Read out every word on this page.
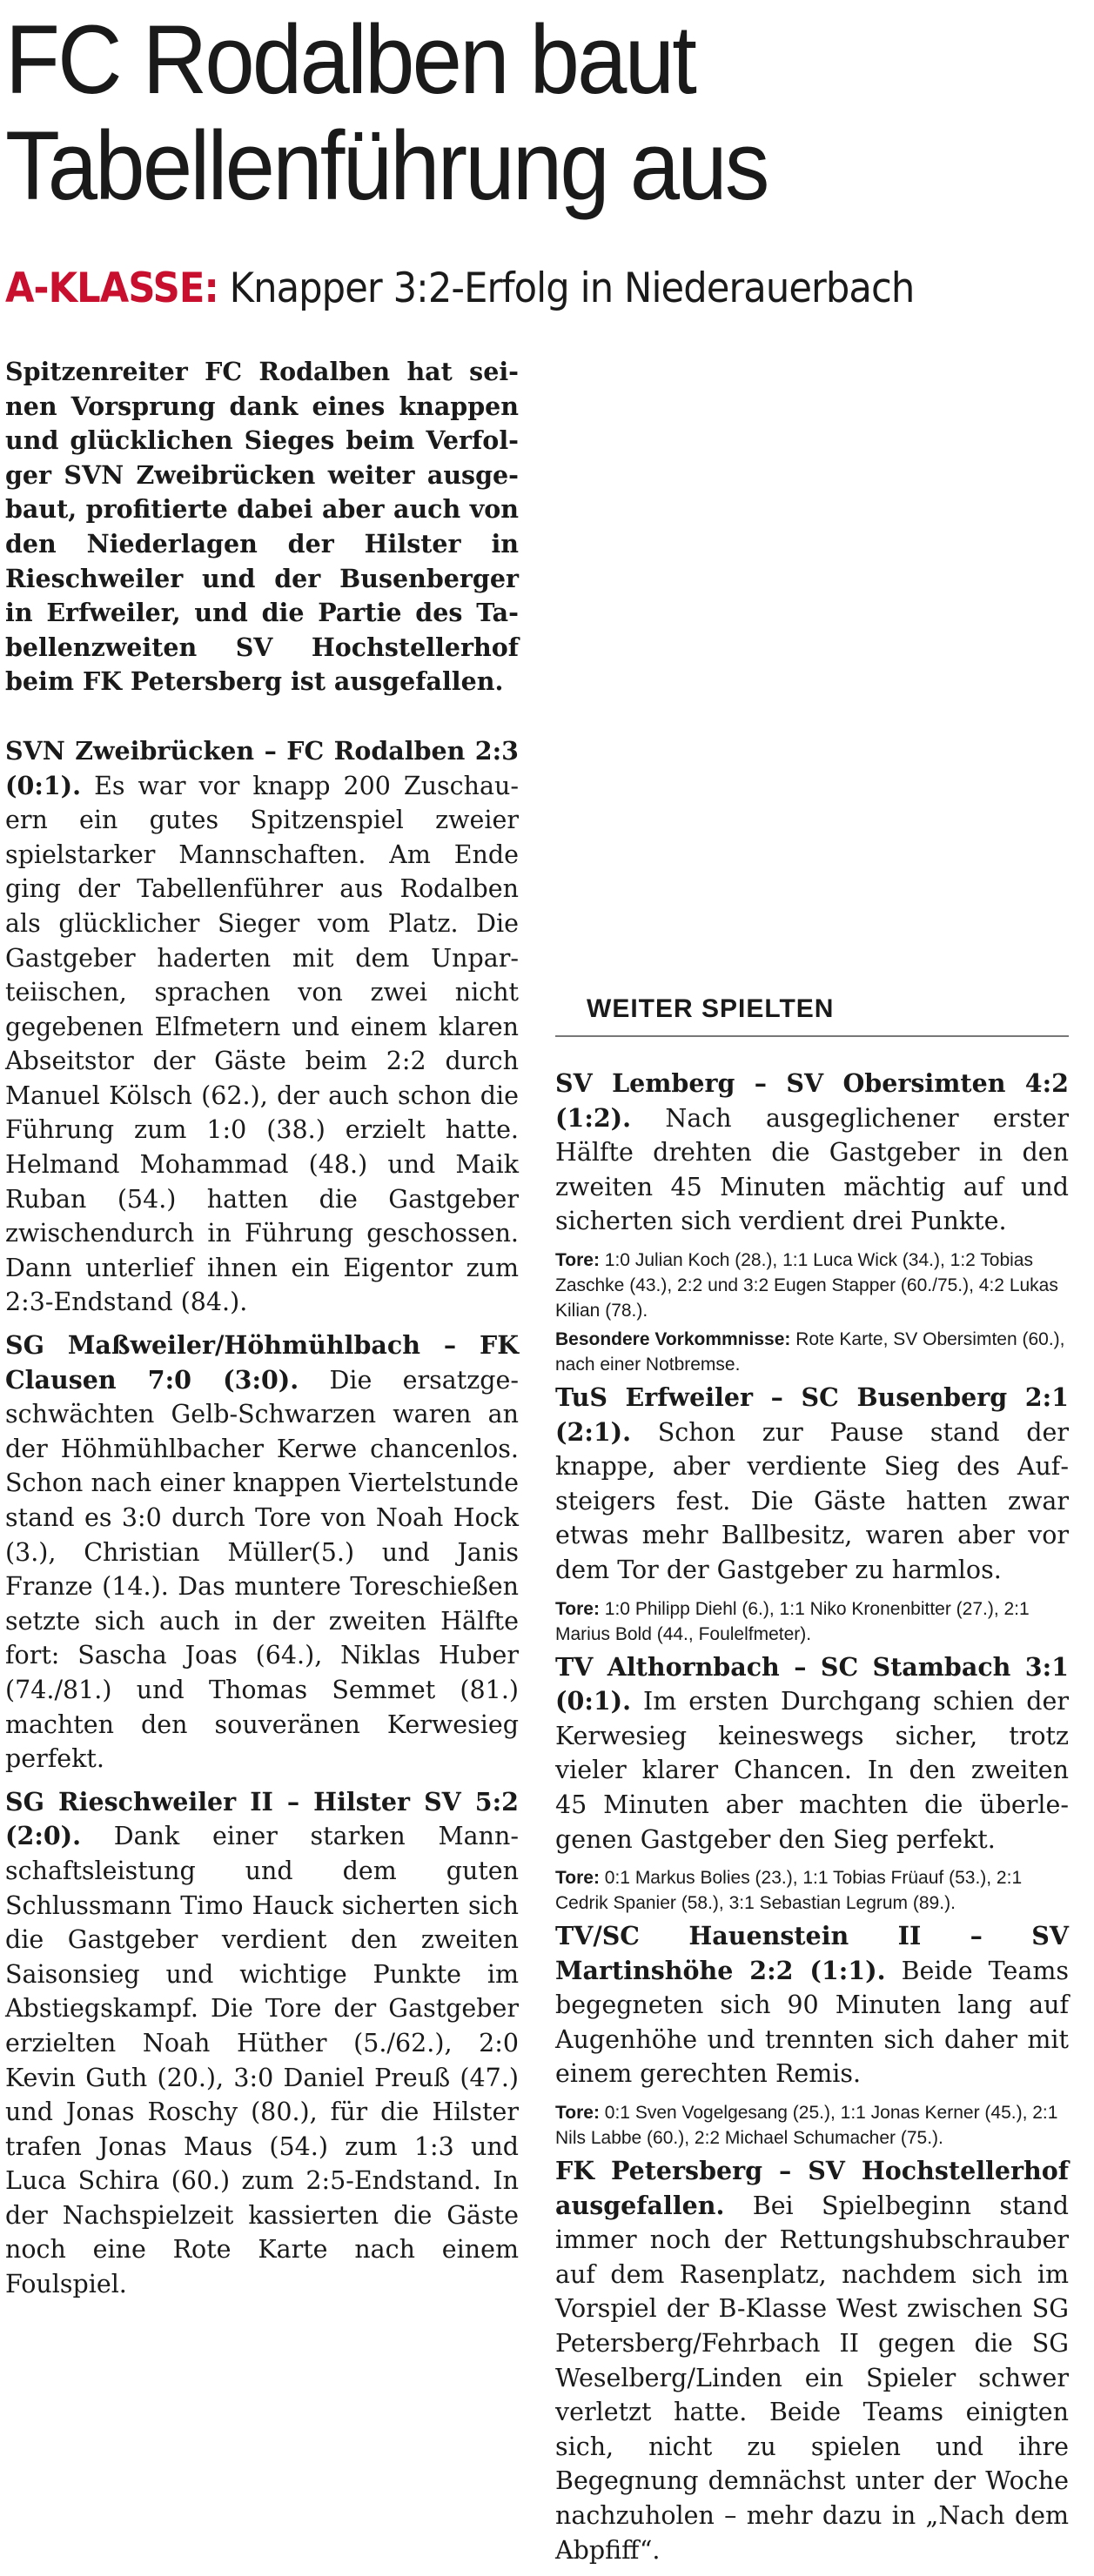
FC Rodalben baut Tabellenführung aus
A-KLASSE: Knapper 3:2-Erfolg in Niederauerbach

Spitzenreiter FC Rodalben hat seinen Vorsprung dank eines knappen und glücklichen Sieges beim Verfolger SVN Zweibrücken weiter ausgebaut, profitierte dabei aber auch von den Niederlagen der Hilster in Rieschweiler und der Busenberger in Erfweiler, und die Partie des Tabellenzweiten SV Hochstellerhof beim FK Petersberg ist ausgefallen.

SVN Zweibrücken – FC Rodalben 2:3 (0:1). Es war vor knapp 200 Zuschauern ein gutes Spitzenspiel zweier spielstarker Mannschaften. Am Ende ging der Tabellenführer aus Rodalben als glücklicher Sieger vom Platz. Die Gastgeber haderten mit dem Unparteiischen, sprachen von zwei nicht gegebenen Elfmetern und einem klaren Abseitstor der Gäste beim 2:2 durch Manuel Kölsch (62.), der auch schon die Führung zum 1:0 (38.) erzielt hatte. Helmand Mohammad (48.) und Maik Ruban (54.) hatten die Gastgeber zwischendurch in Führung geschossen. Dann unterlief ihnen ein Eigentor zum 2:3-Endstand (84.).

SG Maßweiler/Höhmühlbach – FK Clausen 7:0 (3:0). Die ersatzgeschwächten Gelb-Schwarzen waren an der Höhmühlbacher Kerwe chancenlos. Schon nach einer knappen Viertelstunde stand es 3:0 durch Tore von Noah Hock (3.), Christian Müller(5.) und Janis Franze (14.). Das muntere Toreschießen setzte sich auch in der zweiten Hälfte fort: Sascha Joas (64.), Niklas Huber (74./81.) und Thomas Semmet (81.) machten den souveränen Kerwesieg perfekt.

SG Rieschweiler II – Hilster SV 5:2 (2:0). Dank einer starken Mannschaftsleistung und dem guten Schlussmann Timo Hauck sicherten sich die Gastgeber verdient den zweiten Saisonsieg und wichtige Punkte im Abstiegskampf. Die Tore der Gastgeber erzielten Noah Hüther (5./62.), 2:0 Kevin Guth (20.), 3:0 Daniel Preuß (47.) und Jonas Roschy (80.), für die Hilster trafen Jonas Maus (54.) zum 1:3 und Luca Schira (60.) zum 2:5-Endstand. In der Nachspielzeit kassierten die Gäste noch eine Rote Karte nach einem Foulspiel.

WEITER SPIELTEN

SV Lemberg – SV Obersimten 4:2 (1:2). Nach ausgeglichener erster Hälfte drehten die Gastgeber in den zweiten 45 Minuten mächtig auf und sicherten sich verdient drei Punkte.

Tore: 1:0 Julian Koch (28.), 1:1 Luca Wick (34.), 1:2 Tobias Zaschke (43.), 2:2 und 3:2 Eugen Stapper (60./75.), 4:2 Lukas Kilian (78.).

Besondere Vorkommnisse: Rote Karte, SV Obersimten (60.), nach einer Notbremse.

TuS Erfweiler – SC Busenberg 2:1 (2:1). Schon zur Pause stand der knappe, aber verdiente Sieg des Aufsteigers fest. Die Gäste hatten zwar etwas mehr Ballbesitz, waren aber vor dem Tor der Gastgeber zu harmlos.

Tore: 1:0 Philipp Diehl (6.), 1:1 Niko Kronenbitter (27.), 2:1 Marius Bold (44., Foulelfmeter).

TV Althornbach – SC Stambach 3:1 (0:1). Im ersten Durchgang schien der Kerwesieg keineswegs sicher, trotz vieler klarer Chancen. In den zweiten 45 Minuten aber machten die überlegenen Gastgeber den Sieg perfekt.

Tore: 0:1 Markus Bolies (23.), 1:1 Tobias Früauf (53.), 2:1 Cedrik Spanier (58.), 3:1 Sebastian Legrum (89.).

TV/SC Hauenstein II – SV Martinshöhe 2:2 (1:1). Beide Teams begegneten sich 90 Minuten lang auf Augenhöhe und trennten sich daher mit einem gerechten Remis.

Tore: 0:1 Sven Vogelgesang (25.), 1:1 Jonas Kerner (45.), 2:1 Nils Labbe (60.), 2:2 Michael Schumacher (75.).

FK Petersberg – SV Hochstellerhof ausgefallen. Bei Spielbeginn stand immer noch der Rettungshubschrauber auf dem Rasenplatz, nachdem sich im Vorspiel der B-Klasse West zwischen SG Petersberg/Fehrbach II gegen die SG Weselberg/Linden ein Spieler schwer verletzt hatte. Beide Teams einigten sich, nicht zu spielen und ihre Begegnung demnächst unter der Woche nachzuholen – mehr dazu in „Nach dem Abpfiff“.
